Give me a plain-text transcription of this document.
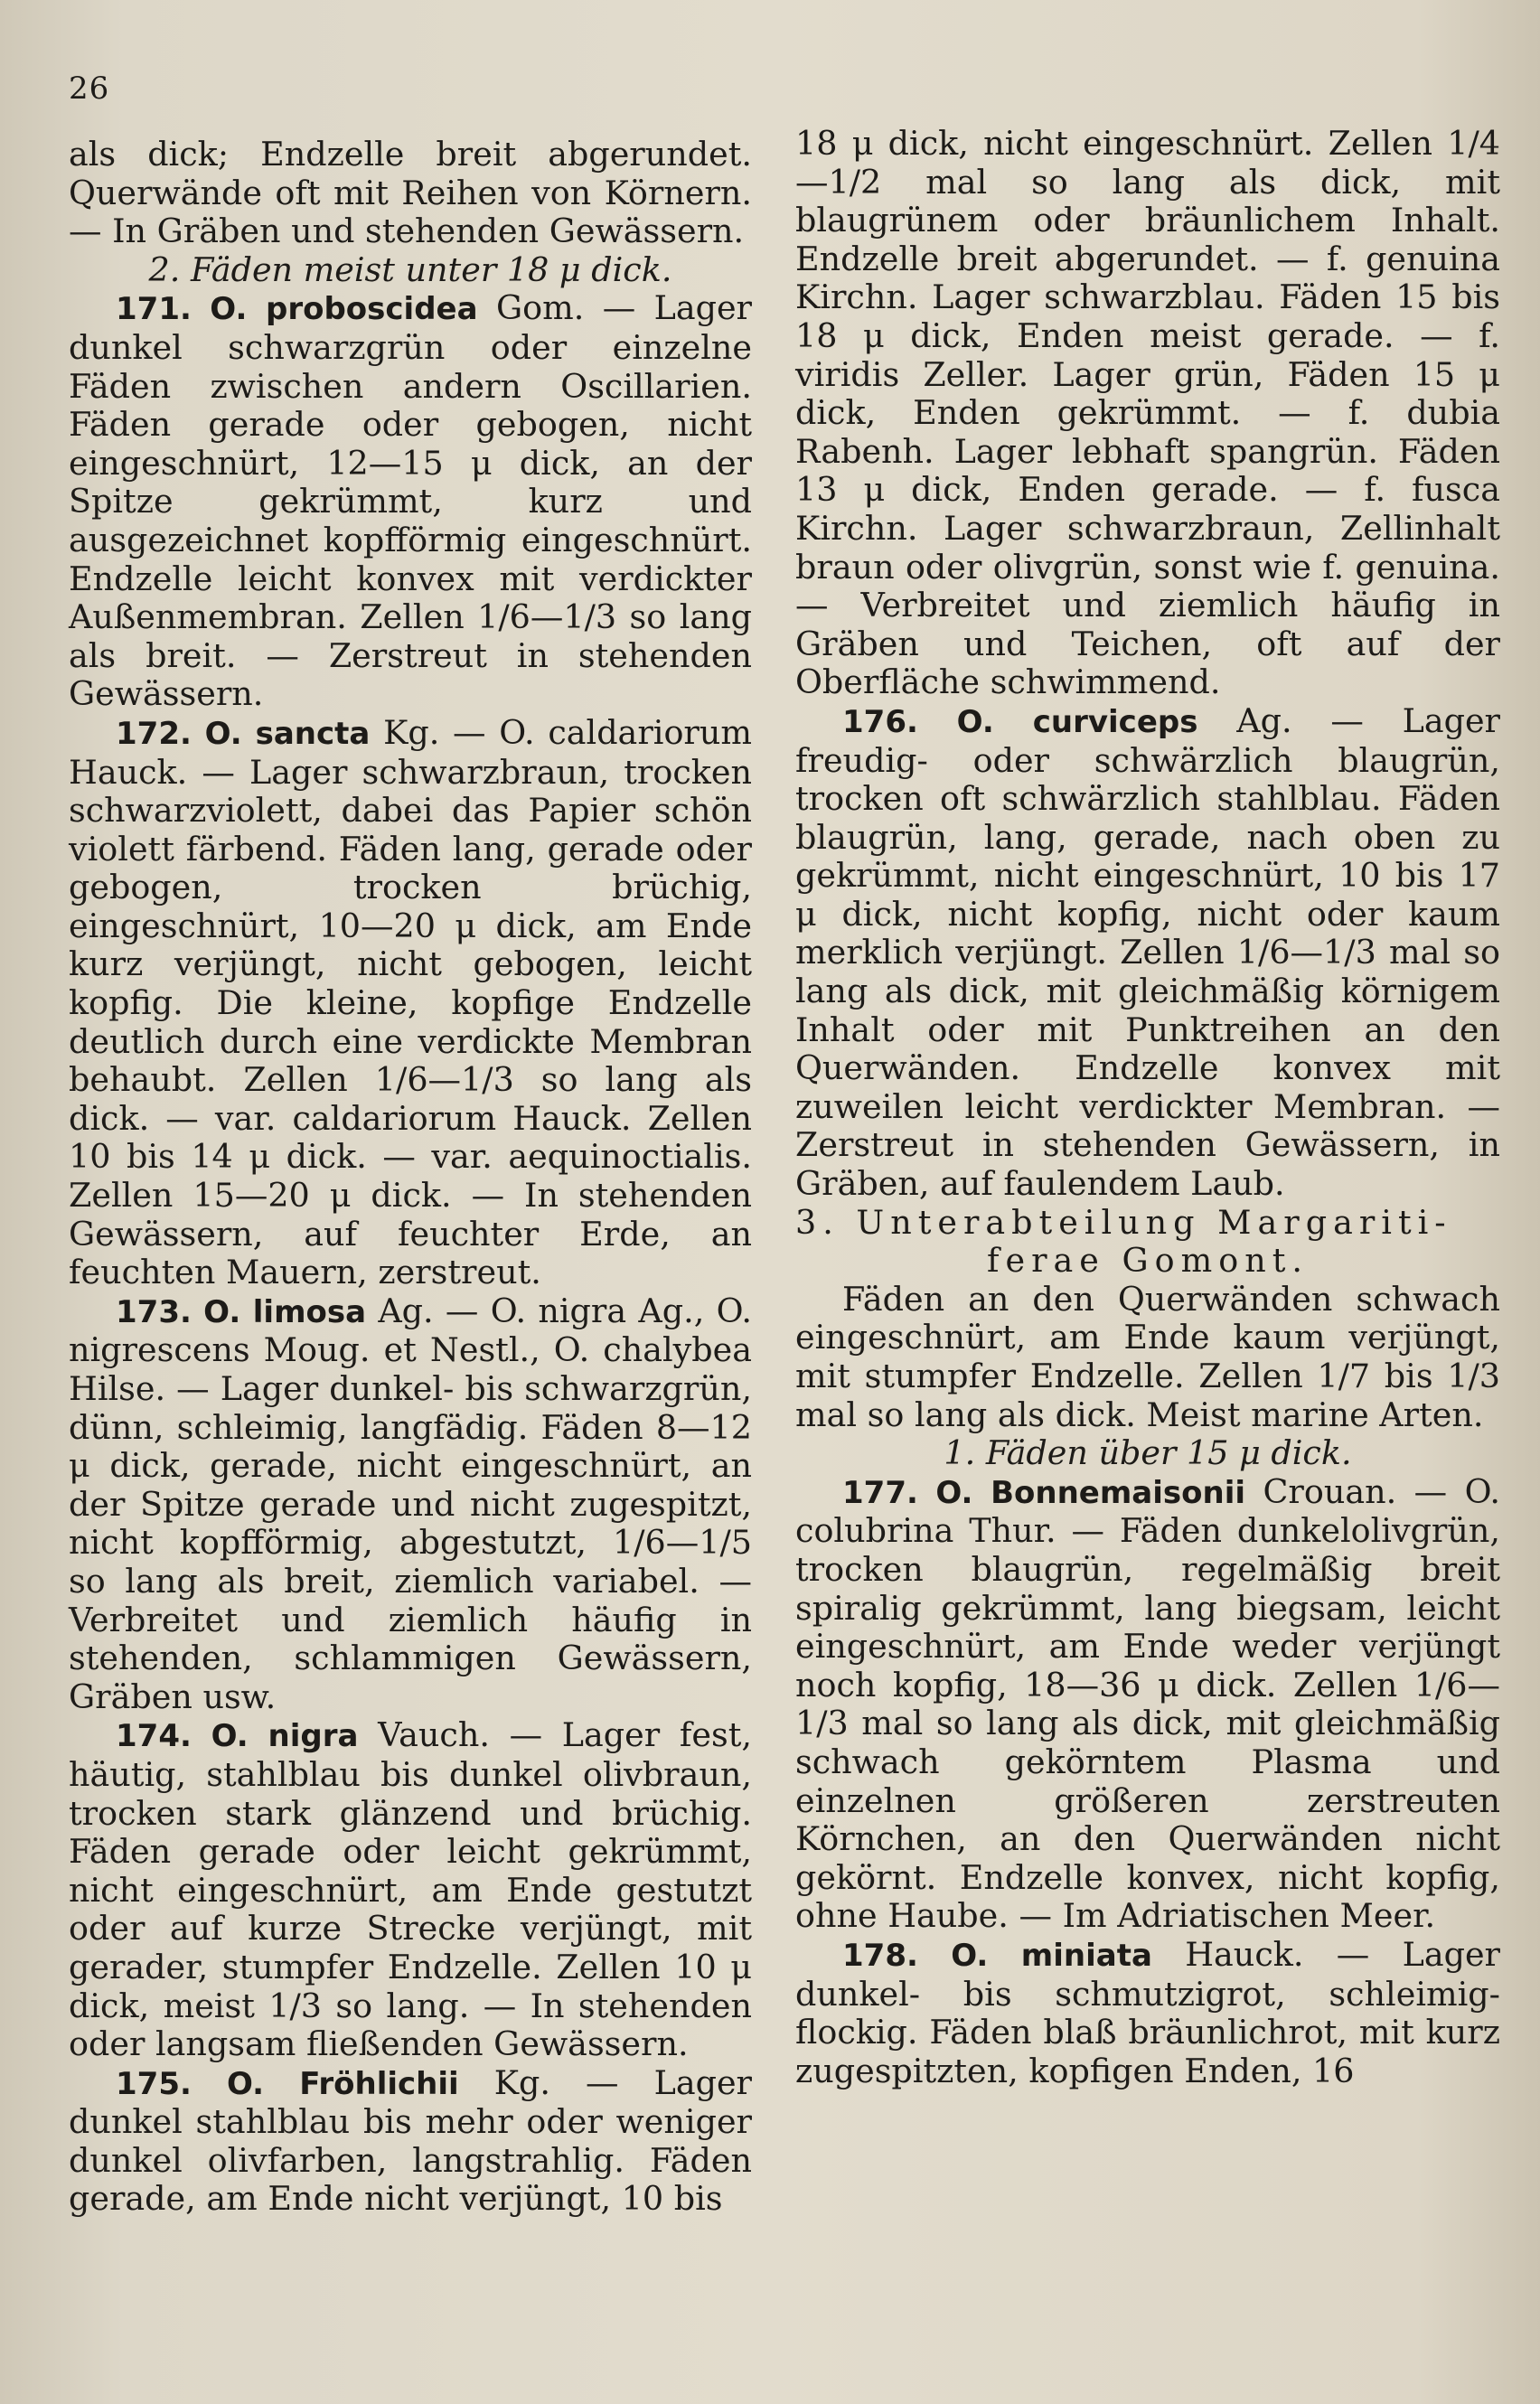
26

als dick; Endzelle breit abgerundet. Querwände oft mit Reihen von Körnern. — In Gräben und stehenden Gewässern.

2. Fäden meist unter 18 μ dick.

171. O. proboscidea Gom. — Lager dunkel schwarzgrün oder einzelne Fäden zwischen andern Oscillarien. Fäden gerade oder gebogen, nicht eingeschnürt, 12—15 μ dick, an der Spitze gekrümmt, kurz und ausgezeichnet kopfförmig eingeschnürt. Endzelle leicht konvex mit verdickter Außenmembran. Zellen 1/6—1/3 so lang als breit. — Zerstreut in stehenden Gewässern.

172. O. sancta Kg. — O. caldariorum Hauck. — Lager schwarzbraun, trocken schwarzviolett, dabei das Papier schön violett färbend. Fäden lang, gerade oder gebogen, trocken brüchig, eingeschnürt, 10—20 μ dick, am Ende kurz verjüngt, nicht gebogen, leicht kopfig. Die kleine, kopfige Endzelle deutlich durch eine verdickte Membran behaubt. Zellen 1/6—1/3 so lang als dick. — var. caldariorum Hauck. Zellen 10 bis 14 μ dick. — var. aequinoctialis. Zellen 15—20 μ dick. — In stehenden Gewässern, auf feuchter Erde, an feuchten Mauern, zerstreut.

173. O. limosa Ag. — O. nigra Ag., O. nigrescens Moug. et Nestl., O. chalybea Hilse. — Lager dunkel- bis schwarzgrün, dünn, schleimig, langfädig. Fäden 8—12 μ dick, gerade, nicht eingeschnürt, an der Spitze gerade und nicht zugespitzt, nicht kopfförmig, abgestutzt, 1/6—1/5 so lang als breit, ziemlich variabel. — Verbreitet und ziemlich häufig in stehenden, schlammigen Gewässern, Gräben usw.

174. O. nigra Vauch. — Lager fest, häutig, stahlblau bis dunkel olivbraun, trocken stark glänzend und brüchig. Fäden gerade oder leicht gekrümmt, nicht eingeschnürt, am Ende gestutzt oder auf kurze Strecke verjüngt, mit gerader, stumpfer Endzelle. Zellen 10 μ dick, meist 1/3 so lang. — In stehenden oder langsam fließenden Gewässern.

175. O. Fröhlichii Kg. — Lager dunkel stahlblau bis mehr oder weniger dunkel olivfarben, langstrahlig. Fäden gerade, am Ende nicht verjüngt, 10 bis

18 μ dick, nicht eingeschnürt. Zellen 1/4—1/2 mal so lang als dick, mit blaugrünem oder bräunlichem Inhalt. Endzelle breit abgerundet. — f. genuina Kirchn. Lager schwarzblau. Fäden 15 bis 18 μ dick, Enden meist gerade. — f. viridis Zeller. Lager grün, Fäden 15 μ dick, Enden gekrümmt. — f. dubia Rabenh. Lager lebhaft spangrün. Fäden 13 μ dick, Enden gerade. — f. fusca Kirchn. Lager schwarzbraun, Zellinhalt braun oder olivgrün, sonst wie f. genuina. — Verbreitet und ziemlich häufig in Gräben und Teichen, oft auf der Oberfläche schwimmend.

176. O. curviceps Ag. — Lager freudig- oder schwärzlich blaugrün, trocken oft schwärzlich stahlblau. Fäden blaugrün, lang, gerade, nach oben zu gekrümmt, nicht eingeschnürt, 10 bis 17 μ dick, nicht kopfig, nicht oder kaum merklich verjüngt. Zellen 1/6—1/3 mal so lang als dick, mit gleichmäßig körnigem Inhalt oder mit Punktreihen an den Querwänden. Endzelle konvex mit zuweilen leicht verdickter Membran. — Zerstreut in stehenden Gewässern, in Gräben, auf faulendem Laub.

3. Unterabteilung Margariti-

ferae Gomont.

Fäden an den Querwänden schwach eingeschnürt, am Ende kaum verjüngt, mit stumpfer Endzelle. Zellen 1/7 bis 1/3 mal so lang als dick. Meist marine Arten.

1. Fäden über 15 μ dick.

177. O. Bonnemaisonii Crouan. — O. colubrina Thur. — Fäden dunkelolivgrün, trocken blaugrün, regelmäßig breit spiralig gekrümmt, lang biegsam, leicht eingeschnürt, am Ende weder verjüngt noch kopfig, 18—36 μ dick. Zellen 1/6—1/3 mal so lang als dick, mit gleichmäßig schwach gekörntem Plasma und einzelnen größeren zerstreuten Körnchen, an den Querwänden nicht gekörnt. Endzelle konvex, nicht kopfig, ohne Haube. — Im Adriatischen Meer.

178. O. miniata Hauck. — Lager dunkel- bis schmutzigrot, schleimig-flockig. Fäden blaß bräunlichrot, mit kurz zugespitzten, kopfigen Enden, 16
